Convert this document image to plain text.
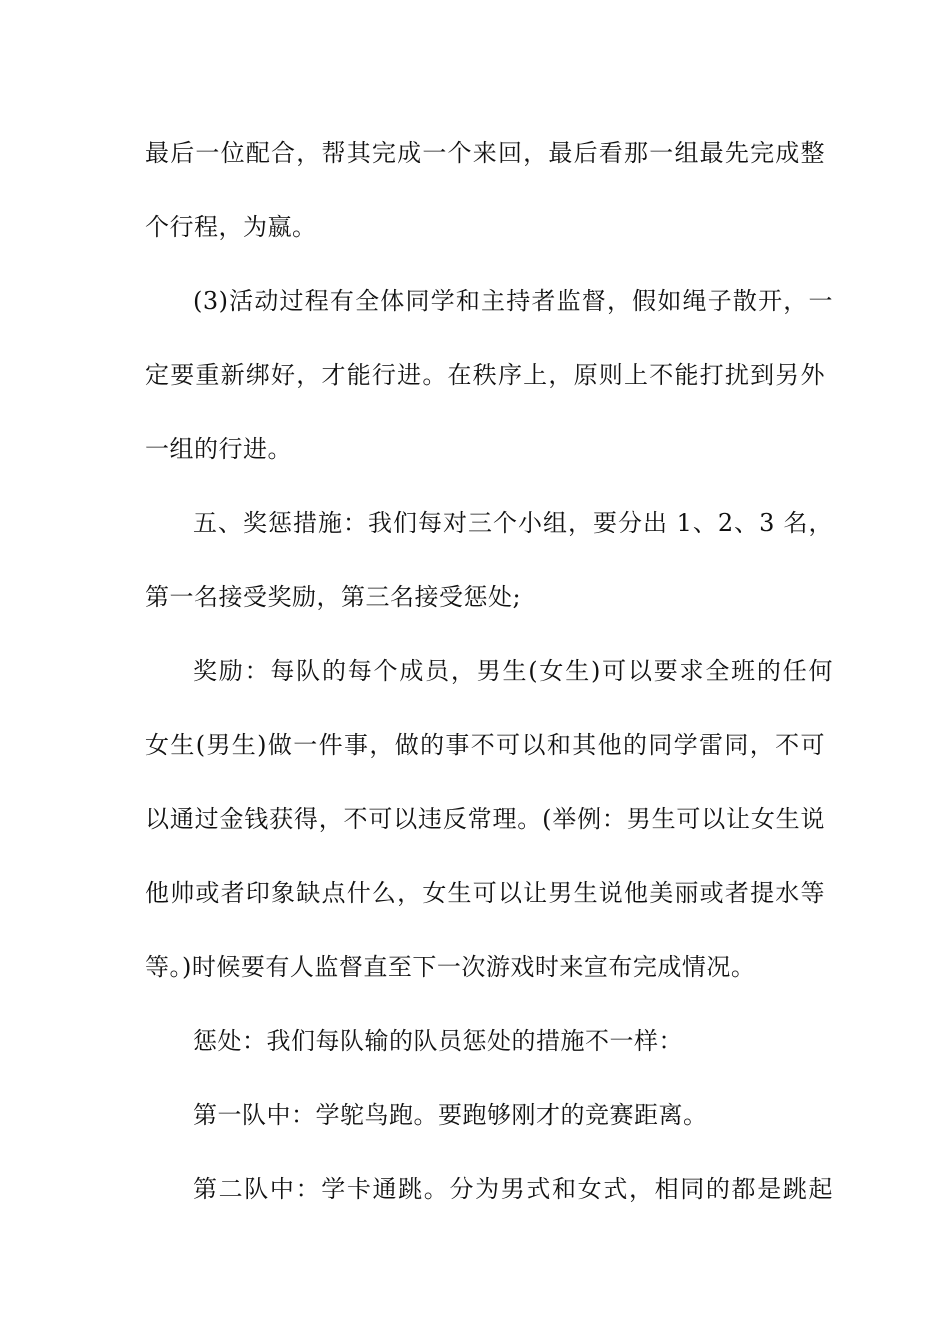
最后一位配合，帮其完成一个来回，最后看那一组最先完成整
个行程，为嬴。
(3)活动过程有全体同学和主持者监督，假如绳子散开，一
定要重新绑好，才能行进。在秩序上，原则上不能打扰到另外
一组的行进。
五、奖惩措施：我们每对三个小组，要分出 1、2、3 名，
第一名接受奖励，第三名接受惩处;
奖励：每队的每个成员，男生(女生)可以要求全班的任何
女生(男生)做一件事，做的事不可以和其他的同学雷同，不可
以通过金钱获得，不可以违反常理。(举例：男生可以让女生说
他帅或者印象缺点什么，女生可以让男生说他美丽或者提水等
等。)时候要有人监督直至下一次游戏时来宣布完成情况。
惩处：我们每队输的队员惩处的措施不一样：
第一队中：学鸵鸟跑。要跑够刚才的竞赛距离。
第二队中：学卡通跳。分为男式和女式，相同的都是跳起
